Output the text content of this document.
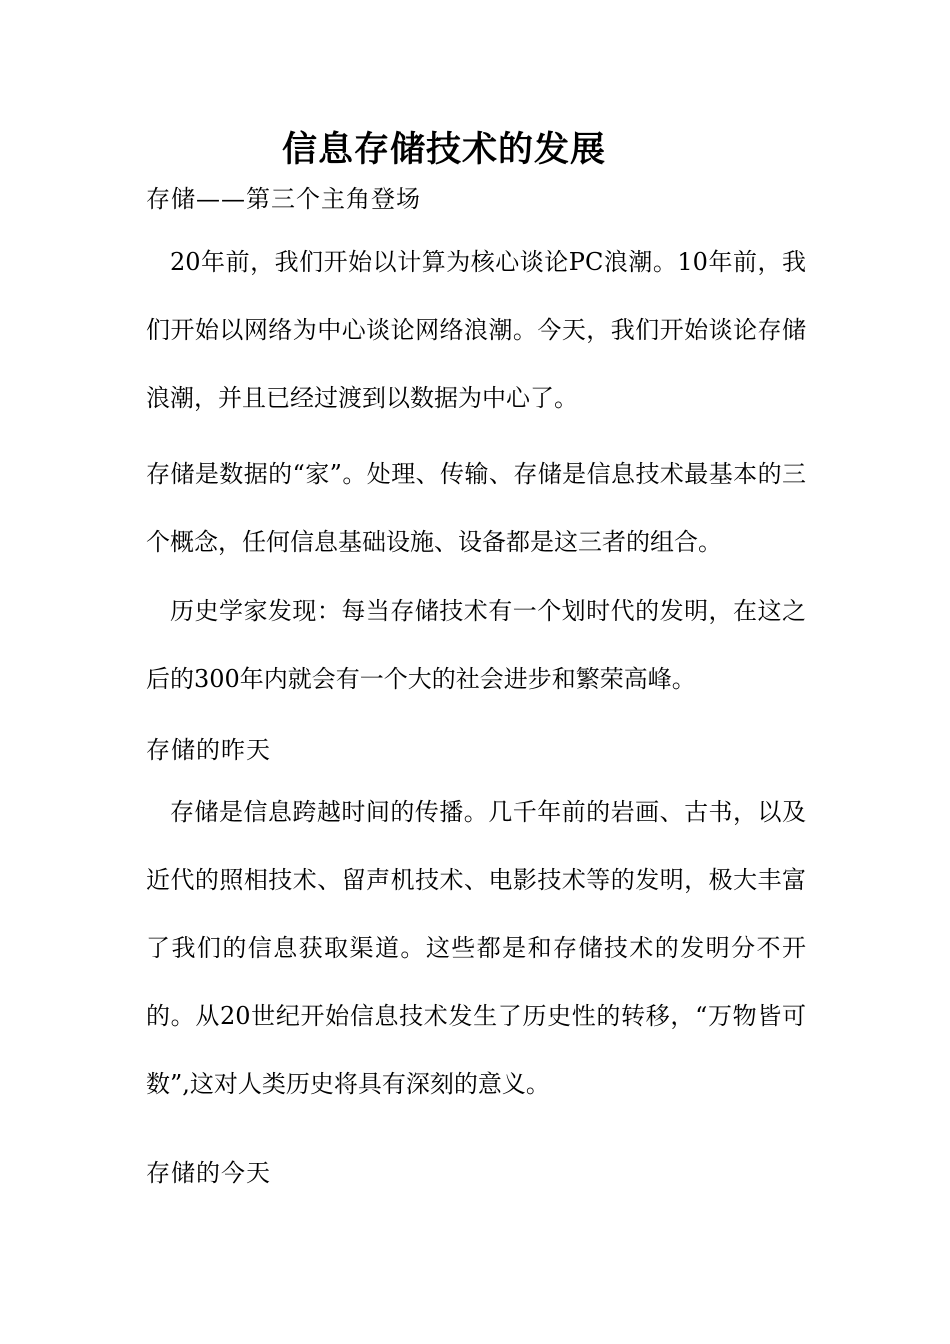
信息存储技术的发展
存储——第三个主角登场

20年前，我们开始以计算为核心谈论PC浪潮。10年前，我们开始以网络为中心谈论网络浪潮。今天，我们开始谈论存储浪潮，并且已经过渡到以数据为中心了。

存储是数据的“家”。处理、传输、存储是信息技术最基本的三个概念，任何信息基础设施、设备都是这三者的组合。

历史学家发现：每当存储技术有一个划时代的发明，在这之后的300年内就会有一个大的社会进步和繁荣高峰。

存储的昨天

存储是信息跨越时间的传播。几千年前的岩画、古书，以及近代的照相技术、留声机技术、电影技术等的发明，极大丰富了我们的信息获取渠道。这些都是和存储技术的发明分不开的。从20世纪开始信息技术发生了历史性的转移，“万物皆可数”,这对人类历史将具有深刻的意义。

存储的今天
